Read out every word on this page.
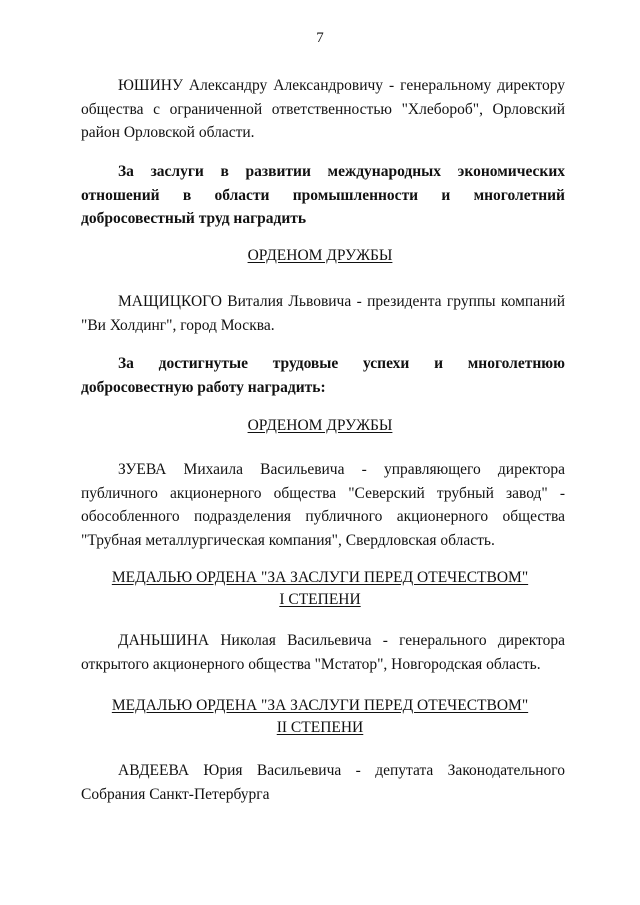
7

ЮШИНУ Александру Александровичу - генеральному директору общества с ограниченной ответственностью "Хлебороб", Орловский район Орловской области.

За заслуги в развитии международных экономических отношений в области промышленности и многолетний добросовестный труд наградить

ОРДЕНОМ ДРУЖБЫ

МАЩИЦКОГО Виталия Львовича - президента группы компаний "Ви Холдинг", город Москва.

За достигнутые трудовые успехи и многолетнюю добросовестную работу наградить:

ОРДЕНОМ ДРУЖБЫ

ЗУЕВА Михаила Васильевича - управляющего директора публичного акционерного общества "Северский трубный завод" - обособленного подразделения публичного акционерного общества "Трубная металлургическая компания", Свердловская область.

МЕДАЛЬЮ ОРДЕНА "ЗА ЗАСЛУГИ ПЕРЕД ОТЕЧЕСТВОМ"
I СТЕПЕНИ

ДАНЬШИНА Николая Васильевича - генерального директора открытого акционерного общества "Мстатор", Новгородская область.

МЕДАЛЬЮ ОРДЕНА "ЗА ЗАСЛУГИ ПЕРЕД ОТЕЧЕСТВОМ"
II СТЕПЕНИ

АВДЕЕВА Юрия Васильевича - депутата Законодательного Собрания Санкт-Петербурга
